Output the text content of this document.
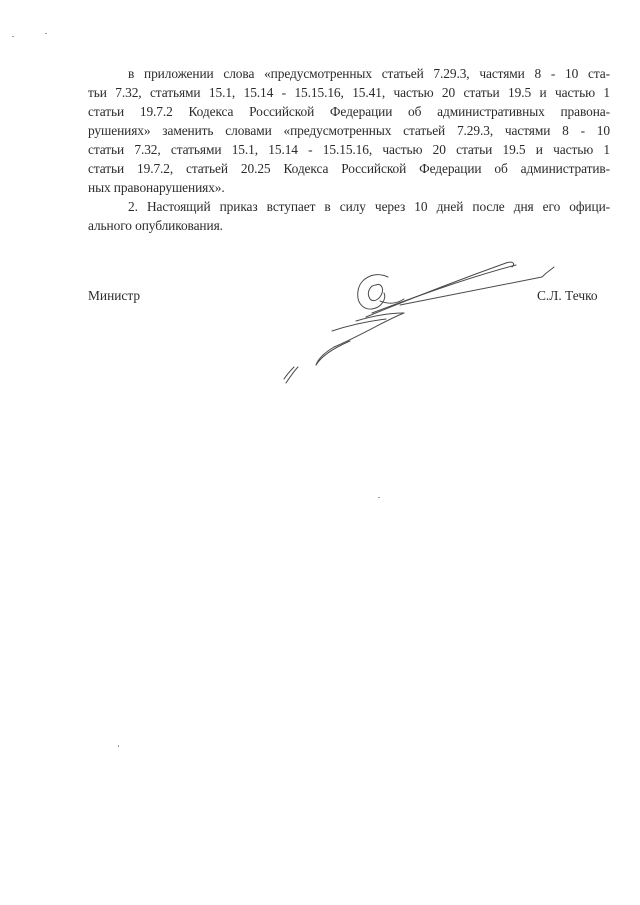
в приложении слова «предусмотренных статьей 7.29.3, частями 8 - 10 ста-
тьи 7.32, статьями 15.1, 15.14 - 15.15.16, 15.41, частью 20 статьи 19.5 и частью 1
статьи 19.7.2 Кодекса Российской Федерации об административных правона-
рушениях» заменить словами «предусмотренных статьей 7.29.3, частями 8 - 10
статьи 7.32, статьями 15.1, 15.14 - 15.15.16, частью 20 статьи 19.5 и частью 1
статьи 19.7.2, статьей 20.25 Кодекса Российской Федерации об административ-
ных правонарушениях».
2. Настоящий приказ вступает в силу через 10 дней после дня его офици-
ального опубликования.
Министр	С.Л. Течко
